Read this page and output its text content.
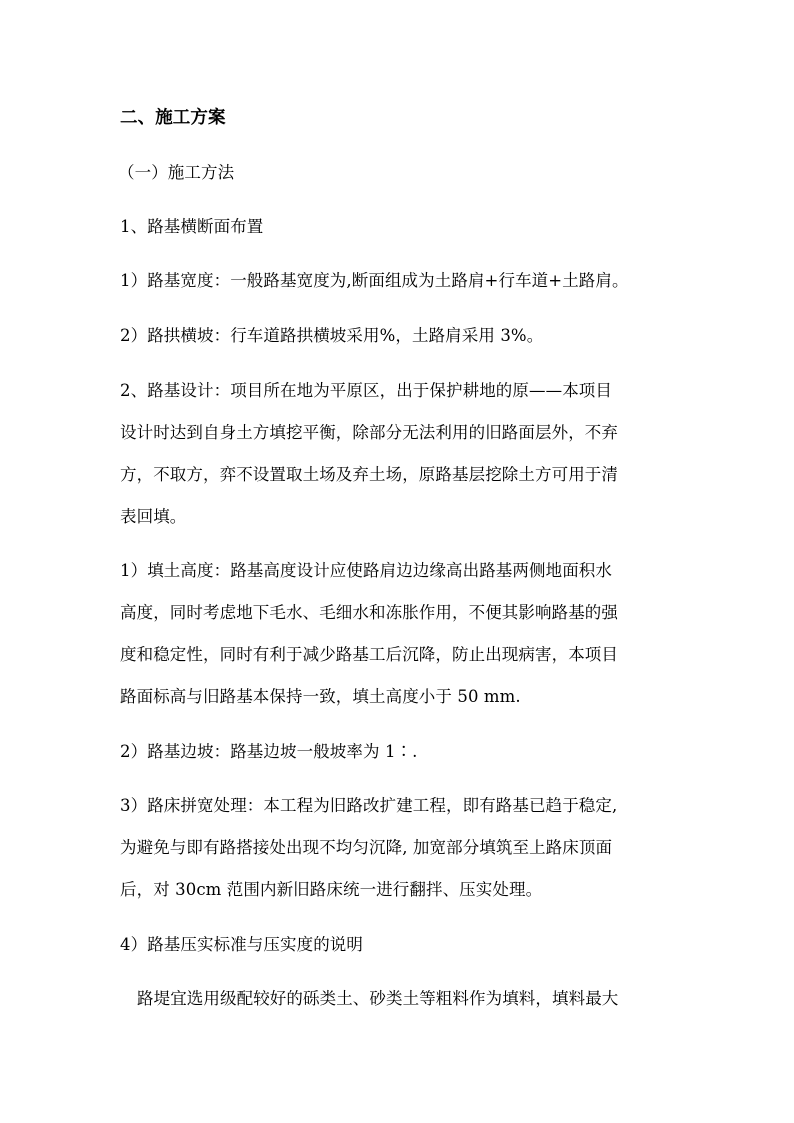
二、施工方案
（一）施工方法
1、路基横断面布置
1）路基宽度：一般路基宽度为,断面组成为土路肩+行车道+土路肩。
2）路拱横坡：行车道路拱横坡采用%，土路肩采用 3%。
2、路基设计：项目所在地为平原区，出于保护耕地的原——本项目
设计时达到自身土方填挖平衡，除部分无法利用的旧路面层外，不弃
方，不取方，弈不设置取土场及弃土场，原路基层挖除土方可用于清
表回填。
1）填土高度：路基高度设计应使路肩边边缘高出路基两侧地面积水
高度，同时考虑地下毛水、毛细水和冻胀作用，不便其影响路基的强
度和稳定性，同时有利于减少路基工后沉降，防止出现病害，本项目
路面标高与旧路基本保持一致，填土高度小于 50 mm.
2）路基边坡：路基边坡一般坡率为 1∶.
3）路床拼宽处理：本工程为旧路改扩建工程，即有路基已趋于稳定,
为避免与即有路搭接处出现不均匀沉降, 加宽部分填筑至上路床顶面
后，对 30cm 范围内新旧路床统一进行翻拌、压实处理。
4）路基压实标准与压实度的说明
路堤宜选用级配较好的砾类土、砂类土等粗料作为填料，填料最大
